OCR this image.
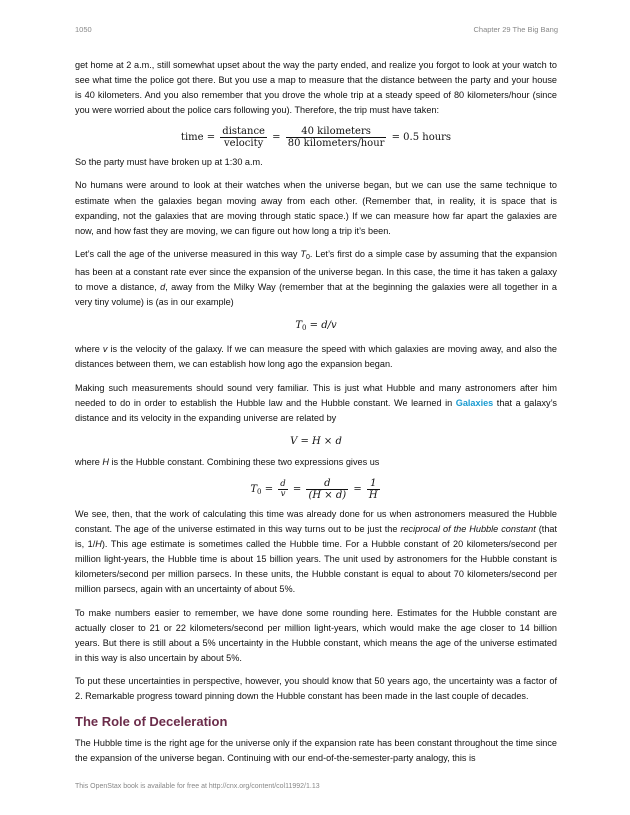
1050	Chapter 29 The Big Bang

get home at 2 a.m., still somewhat upset about the way the party ended, and realize you forgot to look at your watch to see what time the police got there. But you use a map to measure that the distance between the party and your house is 40 kilometers. And you also remember that you drove the whole trip at a steady speed of 80 kilometers/hour (since you were worried about the police cars following you). Therefore, the trip must have taken:

time = $\frac{\text{distance}}{\text{velocity}} = \frac{\text{40 kilometers}}{\text{80 kilometers/hour}} = 0.5$ hours

So the party must have broken up at 1:30 a.m.

No humans were around to look at their watches when the universe began, but we can use the same technique to estimate when the galaxies began moving away from each other. (Remember that, in reality, it is space that is expanding, not the galaxies that are moving through static space.) If we can measure how far apart the galaxies are now, and how fast they are moving, we can figure out how long a trip it’s been.

Let’s call the age of the universe measured in this way $T_0$. Let’s first do a simple case by assuming that the expansion has been at a constant rate ever since the expansion of the universe began. In this case, the time it has taken a galaxy to move a distance, d, away from the Milky Way (remember that at the beginning the galaxies were all together in a very tiny volume) is (as in our example)

$T_0 = d/v$

where v is the velocity of the galaxy. If we can measure the speed with which galaxies are moving away, and also the distances between them, we can establish how long ago the expansion began.

Making such measurements should sound very familiar. This is just what Hubble and many astronomers after him needed to do in order to establish the Hubble law and the Hubble constant. We learned in Galaxies that a galaxy’s distance and its velocity in the expanding universe are related by

V = H × d

where H is the Hubble constant. Combining these two expressions gives us

$T_0 = \frac{d}{v} = \frac{d}{(H \times d)} = \frac{1}{H}$

We see, then, that the work of calculating this time was already done for us when astronomers measured the Hubble constant. The age of the universe estimated in this way turns out to be just the reciprocal of the Hubble constant (that is, 1/H). This age estimate is sometimes called the Hubble time. For a Hubble constant of 20 kilometers/second per million light-years, the Hubble time is about 15 billion years. The unit used by astronomers for the Hubble constant is kilometers/second per million parsecs. In these units, the Hubble constant is equal to about 70 kilometers/second per million parsecs, again with an uncertainty of about 5%.

To make numbers easier to remember, we have done some rounding here. Estimates for the Hubble constant are actually closer to 21 or 22 kilometers/second per million light-years, which would make the age closer to 14 billion years. But there is still about a 5% uncertainty in the Hubble constant, which means the age of the universe estimated in this way is also uncertain by about 5%.

To put these uncertainties in perspective, however, you should know that 50 years ago, the uncertainty was a factor of 2. Remarkable progress toward pinning down the Hubble constant has been made in the last couple of decades.

The Role of Deceleration

The Hubble time is the right age for the universe only if the expansion rate has been constant throughout the time since the expansion of the universe began. Continuing with our end-of-the-semester-party analogy, this is

This OpenStax book is available for free at http://cnx.org/content/col11992/1.13
